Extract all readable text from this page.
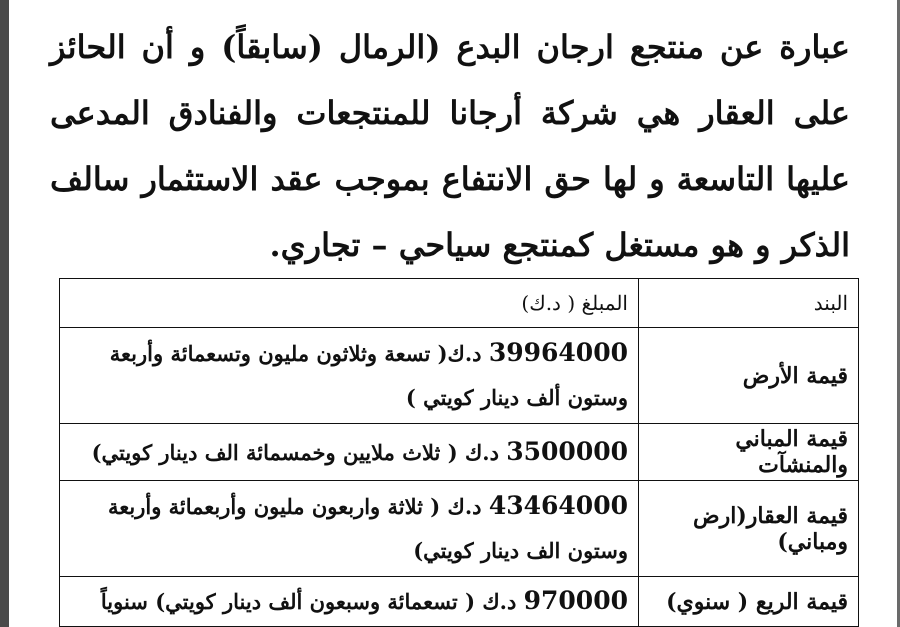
عبارة عن منتجع ارجان البدع (الرمال (سابقاً) و أن الحائز على العقار هي شركة أرجانا للمنتجعات والفنادق المدعى عليها التاسعة و لها حق الانتفاع بموجب عقد الاستثمار سالف الذكر و هو مستغل كمنتجع سياحي – تجاري.
البند	المبلغ ( د.ك)
قيمة الأرض	39964000 د.ك( تسعة وثلاثون مليون وتسعمائة وأربعة وستون ألف دينار كويتي )
قيمة المباني والمنشآت	3500000 د.ك ( ثلاث ملايين وخمسمائة الف دينار كويتي)
قيمة العقار(ارض ومباني)	43464000 د.ك ( ثلاثة واربعون مليون وأربعمائة وأربعة وستون الف دينار كويتي)
قيمة الريع ( سنوي)	970000 د.ك ( تسعمائة وسبعون ألف دينار كويتي) سنوياً
